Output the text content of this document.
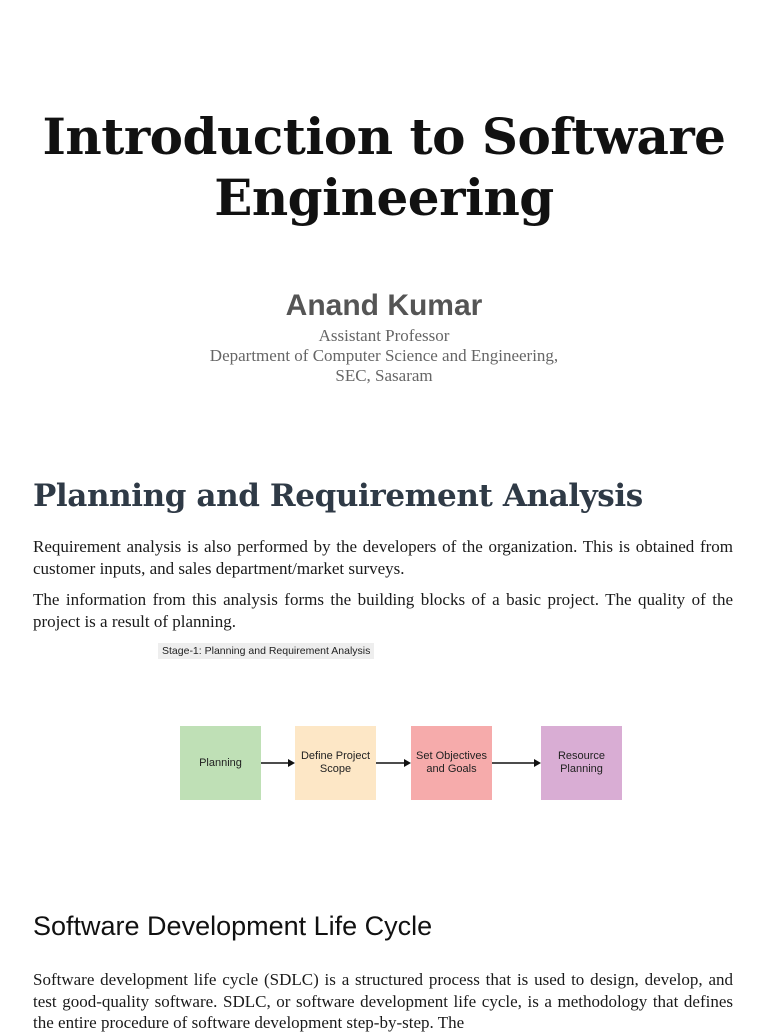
Introduction to Software
Engineering
Anand Kumar
Assistant Professor
Department of Computer Science and Engineering,
SEC, Sasaram
Planning and Requirement Analysis

Requirement analysis is also performed by the developers of the organization. This is obtained from customer inputs, and sales department/market surveys.

The information from this analysis forms the building blocks of a basic project. The quality of the project is a result of planning.

Stage-1: Planning and Requirement Analysis
Planning
Define Project Scope
Set Objectives and Goals
Resource Planning
Software Development Life Cycle

Software development life cycle (SDLC) is a structured process that is used to design, develop, and test good-quality software. SDLC, or software development life cycle, is a methodology that defines the entire procedure of software development step-by-step. The
